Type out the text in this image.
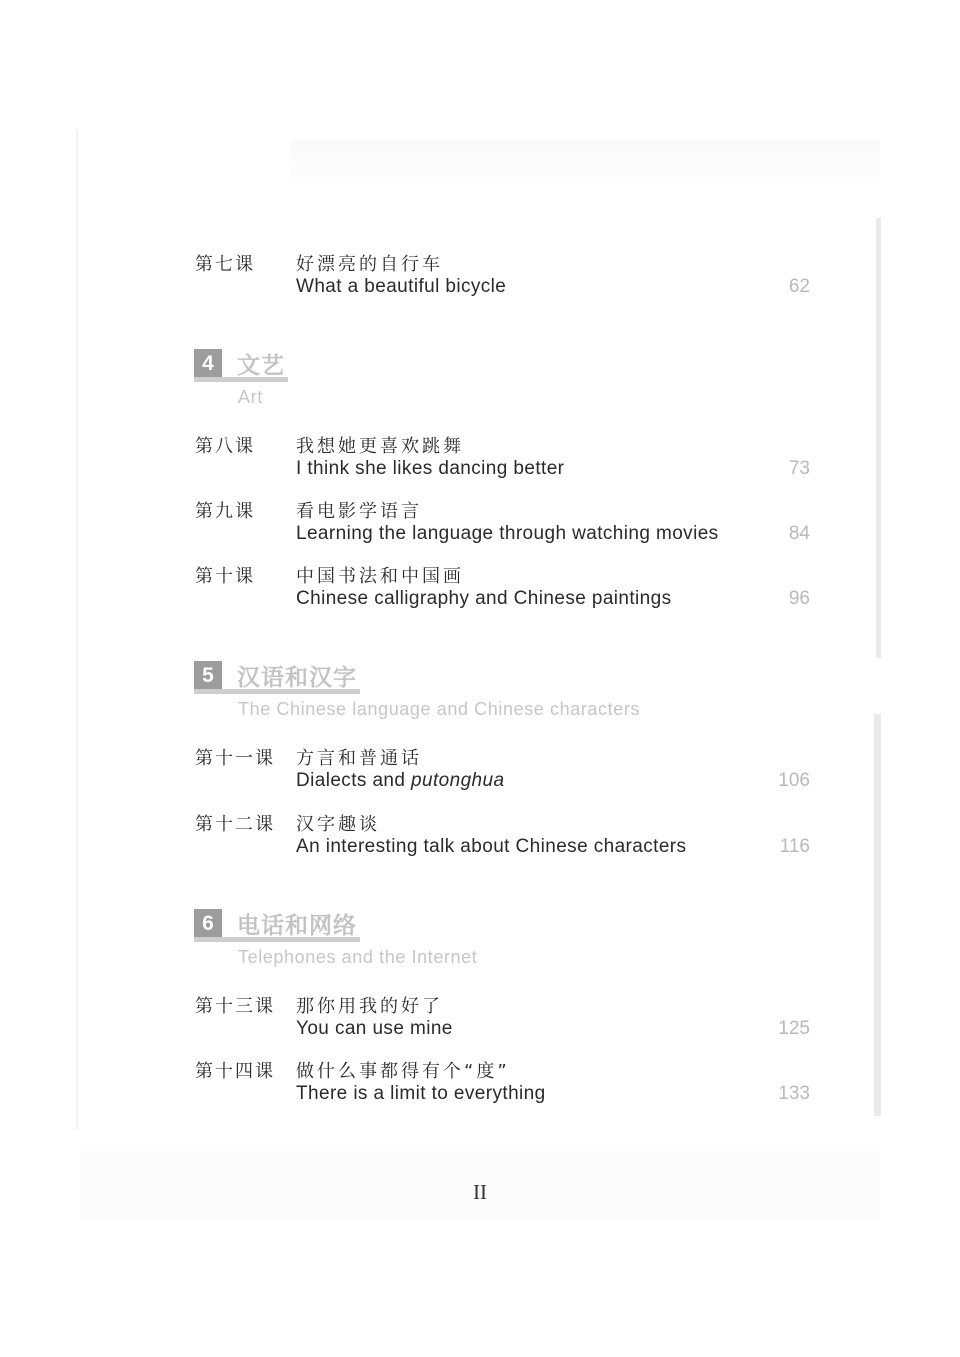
第七课 好漂亮的自行车
What a beautiful bicycle	62
4	文艺
Art
第八课 我想她更喜欢跳舞
I think she likes dancing better	73
第九课 看电影学语言
Learning the language through watching movies	84
第十课 中国书法和中国画
Chinese calligraphy and Chinese paintings	96
5	汉语和汉字
The Chinese language and Chinese characters
第十一课 方言和普通话
Dialects and putonghua	106
第十二课 汉字趣谈
An interesting talk about Chinese characters	116
6	电话和网络
Telephones and the Internet
第十三课 那你用我的好了
You can use mine	125
第十四课 做什么事都得有个“度”
There is a limit to everything	133
II
